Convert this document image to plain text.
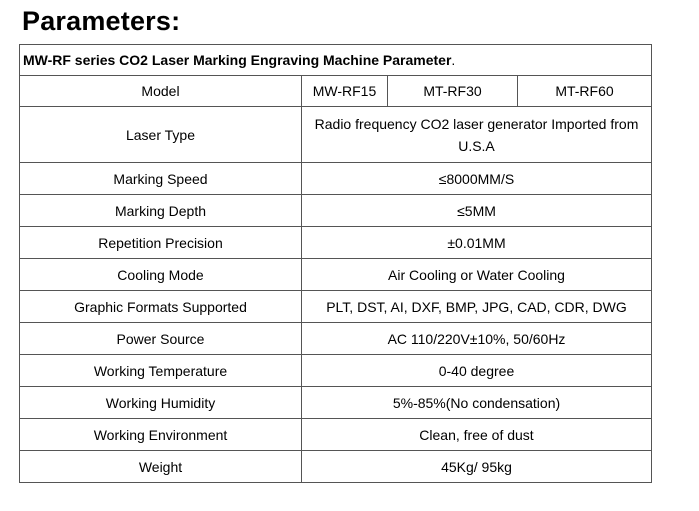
Parameters:
MW-RF series CO2 Laser Marking Engraving Machine Parameter.			
Model	MW-RF15	MT-RF30	MT-RF60
Laser Type	Radio frequency CO2 laser generator Imported from U.S.A		
Marking Speed	≤8000MM/S		
Marking Depth	≤5MM		
Repetition Precision	±0.01MM		
Cooling Mode	Air Cooling or Water Cooling		
Graphic Formats Supported	PLT, DST, AI, DXF, BMP, JPG, CAD, CDR, DWG		
Power Source	AC 110/220V±10%, 50/60Hz		
Working Temperature	0-40 degree		
Working Humidity	5%-85%(No condensation)		
Working Environment	Clean, free of dust		
Weight	45Kg/ 95kg		
